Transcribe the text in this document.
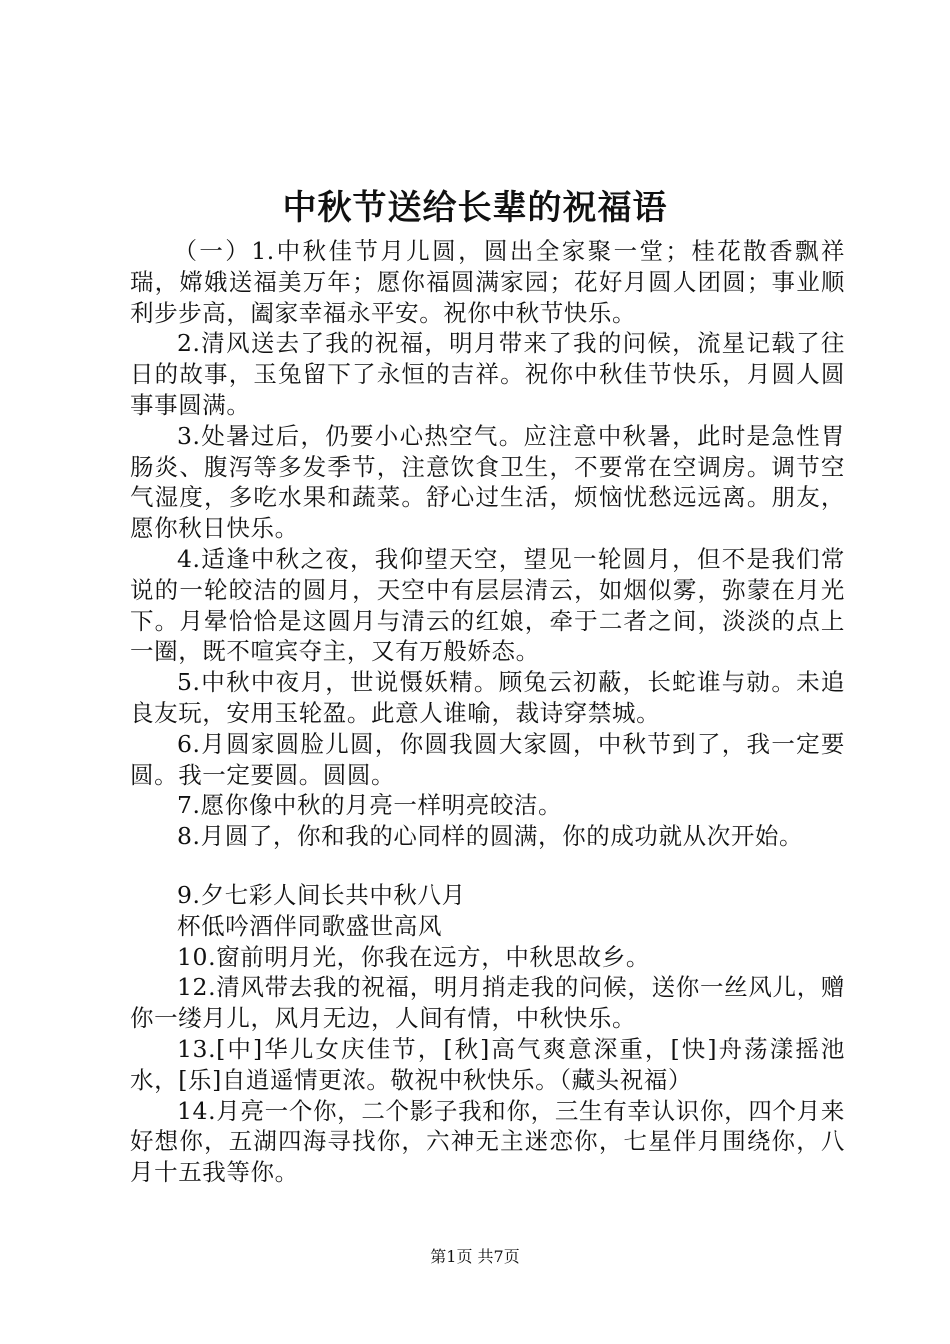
中秋节送给长辈的祝福语

（一）1.中秋佳节月儿圆，圆出全家聚一堂；桂花散香飘祥瑞，嫦娥送福美万年；愿你福圆满家园；花好月圆人团圆；事业顺利步步高，阖家幸福永平安。祝你中秋节快乐。

2.清风送去了我的祝福，明月带来了我的问候，流星记载了往日的故事，玉兔留下了永恒的吉祥。祝你中秋佳节快乐，月圆人圆事事圆满。

3.处暑过后，仍要小心热空气。应注意中秋暑，此时是急性胃肠炎、腹泻等多发季节，注意饮食卫生，不要常在空调房。调节空气湿度，多吃水果和蔬菜。舒心过生活，烦恼忧愁远远离。朋友，愿你秋日快乐。

4.适逢中秋之夜，我仰望天空，望见一轮圆月，但不是我们常说的一轮皎洁的圆月，天空中有层层清云，如烟似雾，弥蒙在月光下。月晕恰恰是这圆月与清云的红娘，牵于二者之间，淡淡的点上一圈，既不喧宾夺主，又有万般娇态。

5.中秋中夜月，世说慑妖精。顾兔云初蔽，长蛇谁与勍。未追良友玩，安用玉轮盈。此意人谁喻，裁诗穿禁城。

6.月圆家圆脸儿圆，你圆我圆大家圆，中秋节到了，我一定要圆。我一定要圆。圆圆。

7.愿你像中秋的月亮一样明亮皎洁。

8.月圆了，你和我的心同样的圆满，你的成功就从次开始。

9.夕七彩人间长共中秋八月

杯低吟酒伴同歌盛世高风

10.窗前明月光，你我在远方，中秋思故乡。

12.清风带去我的祝福，明月捎走我的问候，送你一丝风儿，赠你一缕月儿，风月无边，人间有情，中秋快乐。

13.[中]华儿女庆佳节，[秋]高气爽意深重，[快]舟荡漾摇池水，[乐]自逍遥情更浓。敬祝中秋快乐。（藏头祝福）

14.月亮一个你，二个影子我和你，三生有幸认识你，四个月来好想你，五湖四海寻找你，六神无主迷恋你，七星伴月围绕你，八月十五我等你。

第1页 共7页
